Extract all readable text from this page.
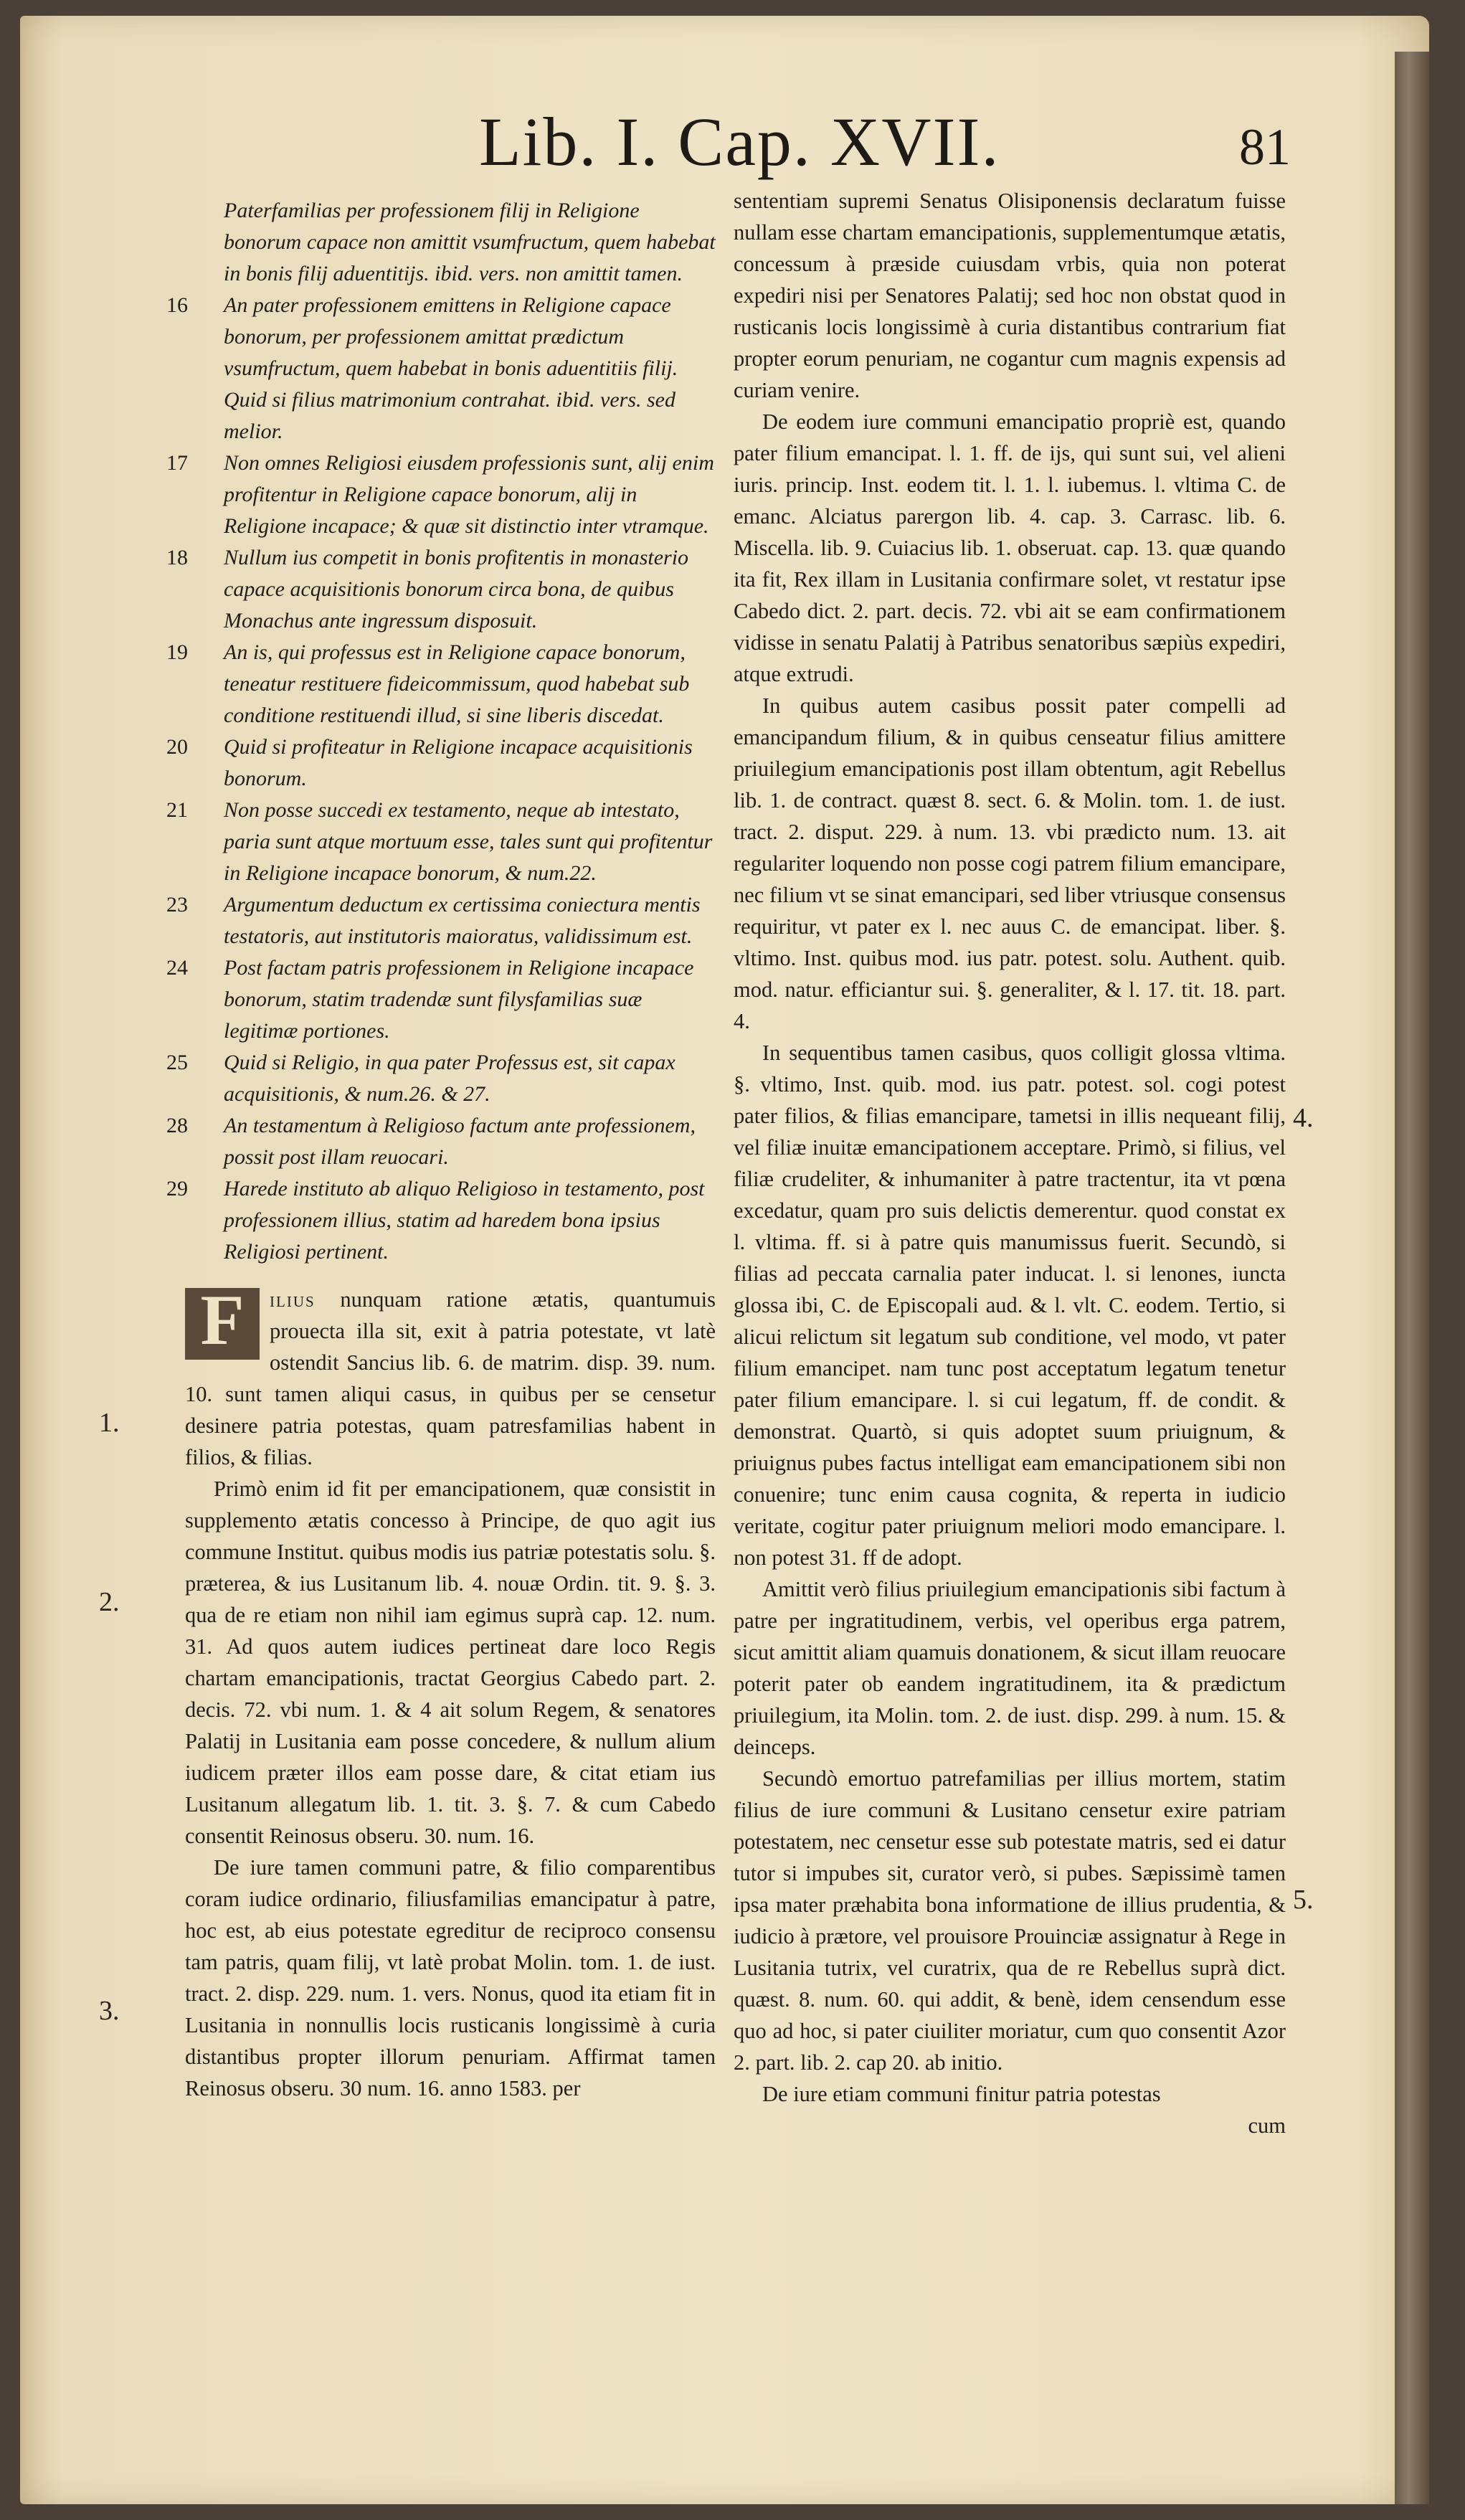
Lib. I. Cap. XVII.	81
Paterfamilias per professionem filij in Religione bonorum capace non amittit vsumfructum, quem habebat in bonis filij aduentitijs. ibid. vers. non amittit tamen.
16	An pater professionem emittens in Religione capace bonorum, per professionem amittat prædictum vsumfructum, quem habebat in bonis aduentitiis filij.
Quid si filius matrimonium contrahat. ibid. vers. sed melior.
17	Non omnes Religiosi eiusdem professionis sunt, alij enim profitentur in Religione capace bonorum, alij in Religione incapace; & quæ sit distinctio inter vtramque.
18	Nullum ius competit in bonis profitentis in monasterio capace acquisitionis bonorum circa bona, de quibus Monachus ante ingressum disposuit.
19	An is, qui professus est in Religione capace bonorum, teneatur restituere fideicommissum, quod habebat sub conditione restituendi illud, si sine liberis discedat.
20	Quid si profiteatur in Religione incapace acquisitionis bonorum.
21	Non posse succedi ex testamento, neque ab intestato, paria sunt atque mortuum esse, tales sunt qui profitentur in Religione incapace bonorum, & num.22.
23	Argumentum deductum ex certissima coniectura mentis testatoris, aut institutoris maioratus, validissimum est.
24	Post factam patris professionem in Religione incapace bonorum, statim tradendæ sunt filysfamilias suæ legitimæ portiones.
25	Quid si Religio, in qua pater Professus est, sit capax acquisitionis, & num.26. & 27.
28	An testamentum à Religioso factum ante professionem, possit post illam reuocari.
29	Harede instituto ab aliquo Religioso in testamento, post professionem illius, statim ad haredem bona ipsius Religiosi pertinent.

F	ilius nunquam ratione ætatis, quantumuis prouecta illa sit, exit à patria potestate, vt latè ostendit Sancius lib. 6. de matrim. disp. 39. num. 10. sunt tamen aliqui casus, in quibus per se censetur desinere patria potestas, quam patresfamilias habent in filios, & filias.

Primò enim id fit per emancipationem, quæ consistit in supplemento ætatis concesso à Principe, de quo agit ius commune Institut. quibus modis ius patriæ potestatis solu. §. præterea, & ius Lusitanum lib. 4. nouæ Ordin. tit. 9. §. 3. qua de re etiam non nihil iam egimus suprà cap. 12. num. 31. Ad quos autem iudices pertineat dare loco Regis chartam emancipationis, tractat Georgius Cabedo part. 2. decis. 72. vbi num. 1. & 4 ait solum Regem, & senatores Palatij in Lusitania eam posse concedere, & nullum alium iudicem præter illos eam posse dare, & citat etiam ius Lusitanum allegatum lib. 1. tit. 3. §. 7. & cum Cabedo consentit Reinosus obseru. 30. num. 16.

De iure tamen communi patre, & filio comparentibus coram iudice ordinario, filiusfamilias emancipatur à patre, hoc est, ab eius potestate egreditur de reciproco consensu tam patris, quam filij, vt latè probat Molin. tom. 1. de iust. tract. 2. disp. 229. num. 1. vers. Nonus, quod ita etiam fit in Lusitania in nonnullis locis rusticanis longissimè à curia distantibus propter illorum penuriam. Affirmat tamen Reinosus obseru. 30 num. 16. anno 1583. per

sententiam supremi Senatus Olisiponensis declaratum fuisse nullam esse chartam emancipationis, supplementumque ætatis, concessum à præside cuiusdam vrbis, quia non poterat expediri nisi per Senatores Palatij; sed hoc non obstat quod in rusticanis locis longissimè à curia distantibus contrarium fiat propter eorum penuriam, ne cogantur cum magnis expensis ad curiam venire.

De eodem iure communi emancipatio propriè est, quando pater filium emancipat. l. 1. ff. de ijs, qui sunt sui, vel alieni iuris. princip. Inst. eodem tit. l. 1. l. iubemus. l. vltima C. de emanc. Alciatus parergon lib. 4. cap. 3. Carrasc. lib. 6. Miscella. lib. 9. Cuiacius lib. 1. obseruat. cap. 13. quæ quando ita fit, Rex illam in Lusitania confirmare solet, vt restatur ipse Cabedo dict. 2. part. decis. 72. vbi ait se eam confirmationem vidisse in senatu Palatij à Patribus senatoribus sæpiùs expediri, atque extrudi.

In quibus autem casibus possit pater compelli ad emancipandum filium, & in quibus censeatur filius amittere priuilegium emancipationis post illam obtentum, agit Rebellus lib. 1. de contract. quæst 8. sect. 6. & Molin. tom. 1. de iust. tract. 2. disput. 229. à num. 13. vbi prædicto num. 13. ait regulariter loquendo non posse cogi patrem filium emancipare, nec filium vt se sinat emancipari, sed liber vtriusque consensus requiritur, vt pater ex l. nec auus C. de emancipat. liber. §. vltimo. Inst. quibus mod. ius patr. potest. solu. Authent. quib. mod. natur. efficiantur sui. §. generaliter, & l. 17. tit. 18. part. 4.

In sequentibus tamen casibus, quos colligit glossa vltima. §. vltimo, Inst. quib. mod. ius patr. potest. sol. cogi potest pater filios, & filias emancipare, tametsi in illis nequeant filij, vel filiæ inuitæ emancipationem acceptare. Primò, si filius, vel filiæ crudeliter, & inhumaniter à patre tractentur, ita vt pœna excedatur, quam pro suis delictis demerentur. quod constat ex l. vltima. ff. si à patre quis manumissus fuerit. Secundò, si filias ad peccata carnalia pater inducat. l. si lenones, iuncta glossa ibi, C. de Episcopali aud. & l. vlt. C. eodem. Tertio, si alicui relictum sit legatum sub conditione, vel modo, vt pater filium emancipet. nam tunc post acceptatum legatum tenetur pater filium emancipare. l. si cui legatum, ff. de condit. & demonstrat. Quartò, si quis adoptet suum priuignum, & priuignus pubes factus intelligat eam emancipationem sibi non conuenire; tunc enim causa cognita, & reperta in iudicio veritate, cogitur pater priuignum meliori modo emancipare. l. non potest 31. ff de adopt.

Amittit verò filius priuilegium emancipationis sibi factum à patre per ingratitudinem, verbis, vel operibus erga patrem, sicut amittit aliam quamuis donationem, & sicut illam reuocare poterit pater ob eandem ingratitudinem, ita & prædictum priuilegium, ita Molin. tom. 2. de iust. disp. 299. à num. 15. & deinceps.

Secundò emortuo patrefamilias per illius mortem, statim filius de iure communi & Lusitano censetur exire patriam potestatem, nec censetur esse sub potestate matris, sed ei datur tutor si impubes sit, curator verò, si pubes. Sæpissimè tamen ipsa mater præhabita bona informatione de illius prudentia, & iudicio à prætore, vel prouisore Prouinciæ assignatur à Rege in Lusitania tutrix, vel curatrix, qua de re Rebellus suprà dict. quæst. 8. num. 60. qui addit, & benè, idem censendum esse quo ad hoc, si pater ciuiliter moriatur, cum quo consentit Azor 2. part. lib. 2. cap 20. ab initio.

De iure etiam communi finitur patria potestas

cum

1.
2.
3.
4.
5.
